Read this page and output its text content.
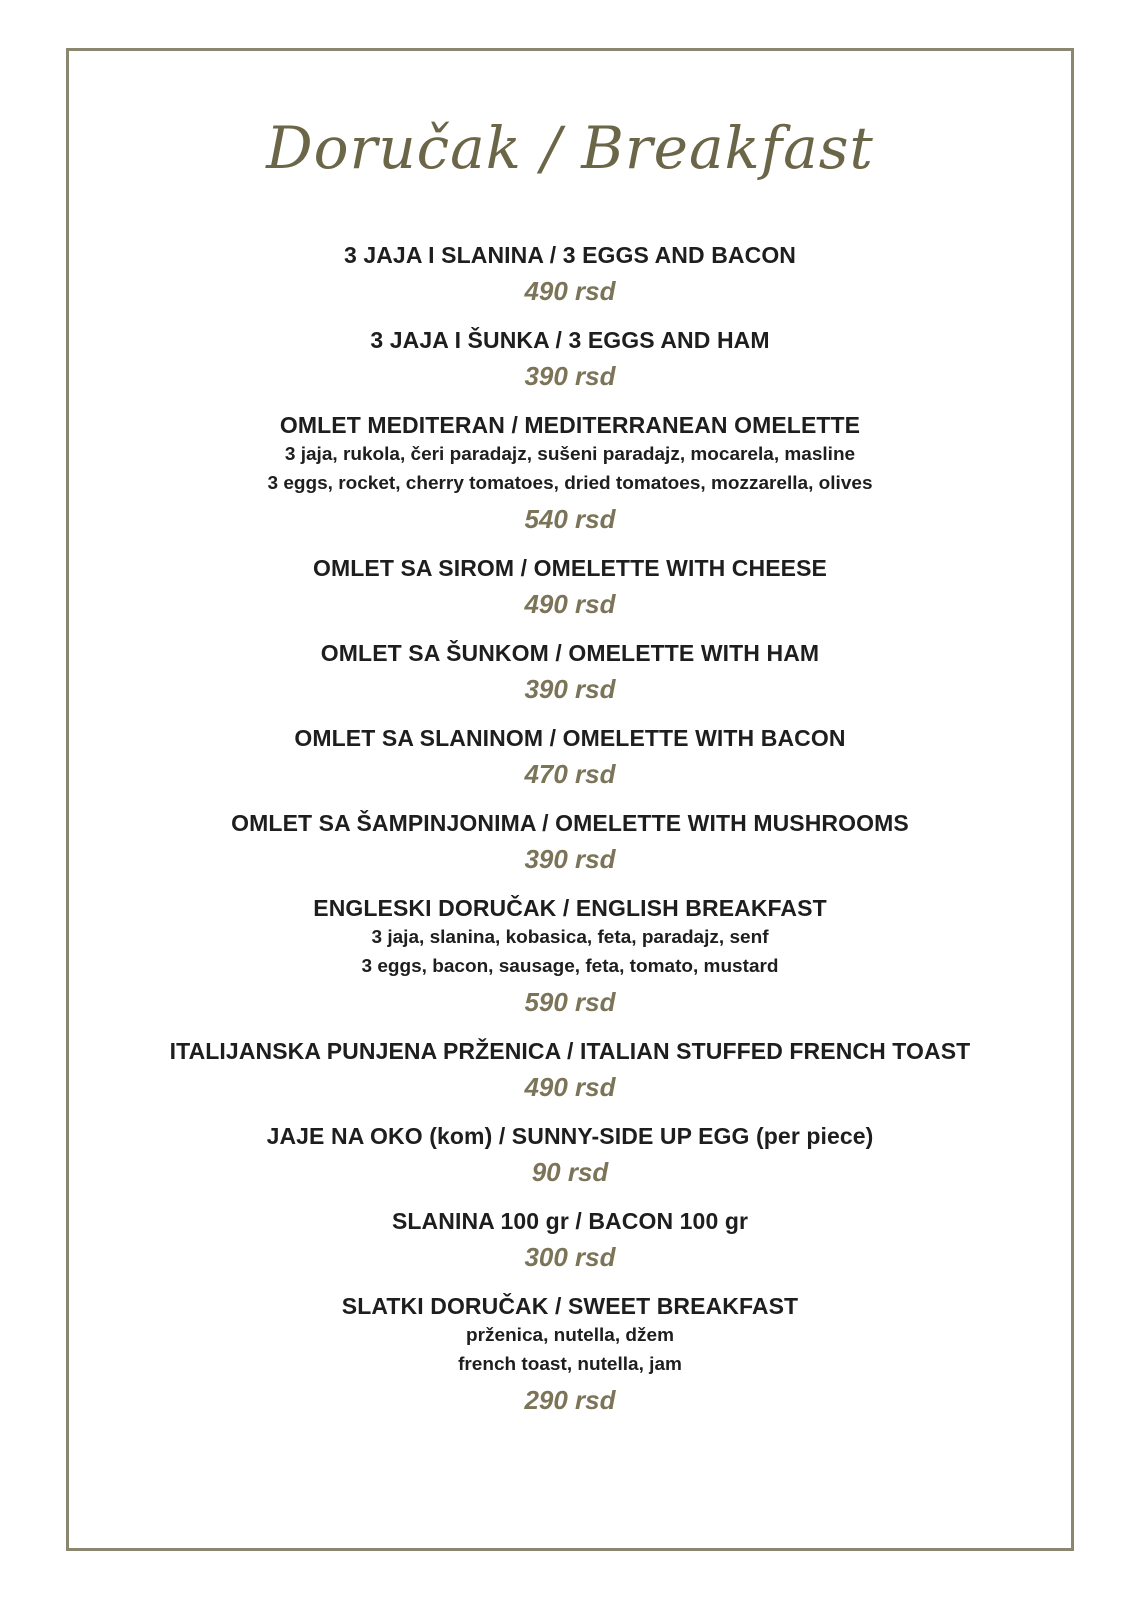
Doručak / Breakfast
3 JAJA I SLANINA / 3 EGGS AND BACON
490 rsd
3 JAJA I ŠUNKA / 3 EGGS AND HAM
390 rsd
OMLET MEDITERAN / MEDITERRANEAN OMELETTE
3 jaja, rukola, čeri paradajz, sušeni paradajz, mocarela, masline
3 eggs, rocket, cherry tomatoes, dried tomatoes, mozzarella, olives
540 rsd
OMLET SA SIROM / OMELETTE WITH CHEESE
490 rsd
OMLET SA ŠUNKOM / OMELETTE WITH HAM
390 rsd
OMLET SA SLANINOM / OMELETTE WITH BACON
470 rsd
OMLET SA ŠAMPINJONIMA / OMELETTE WITH MUSHROOMS
390 rsd
ENGLESKI DORUČAK / ENGLISH BREAKFAST
3 jaja, slanina, kobasica, feta, paradajz, senf
3 eggs, bacon, sausage, feta, tomato, mustard
590 rsd
ITALIJANSKA PUNJENA PRŽENICA / ITALIAN STUFFED FRENCH TOAST
490 rsd
JAJE NA OKO (kom) / SUNNY-SIDE UP EGG (per piece)
90 rsd
SLANINA 100 gr / BACON 100 gr
300 rsd
SLATKI DORUČAK / SWEET BREAKFAST
prženica, nutella, džem
french toast, nutella, jam
290 rsd
